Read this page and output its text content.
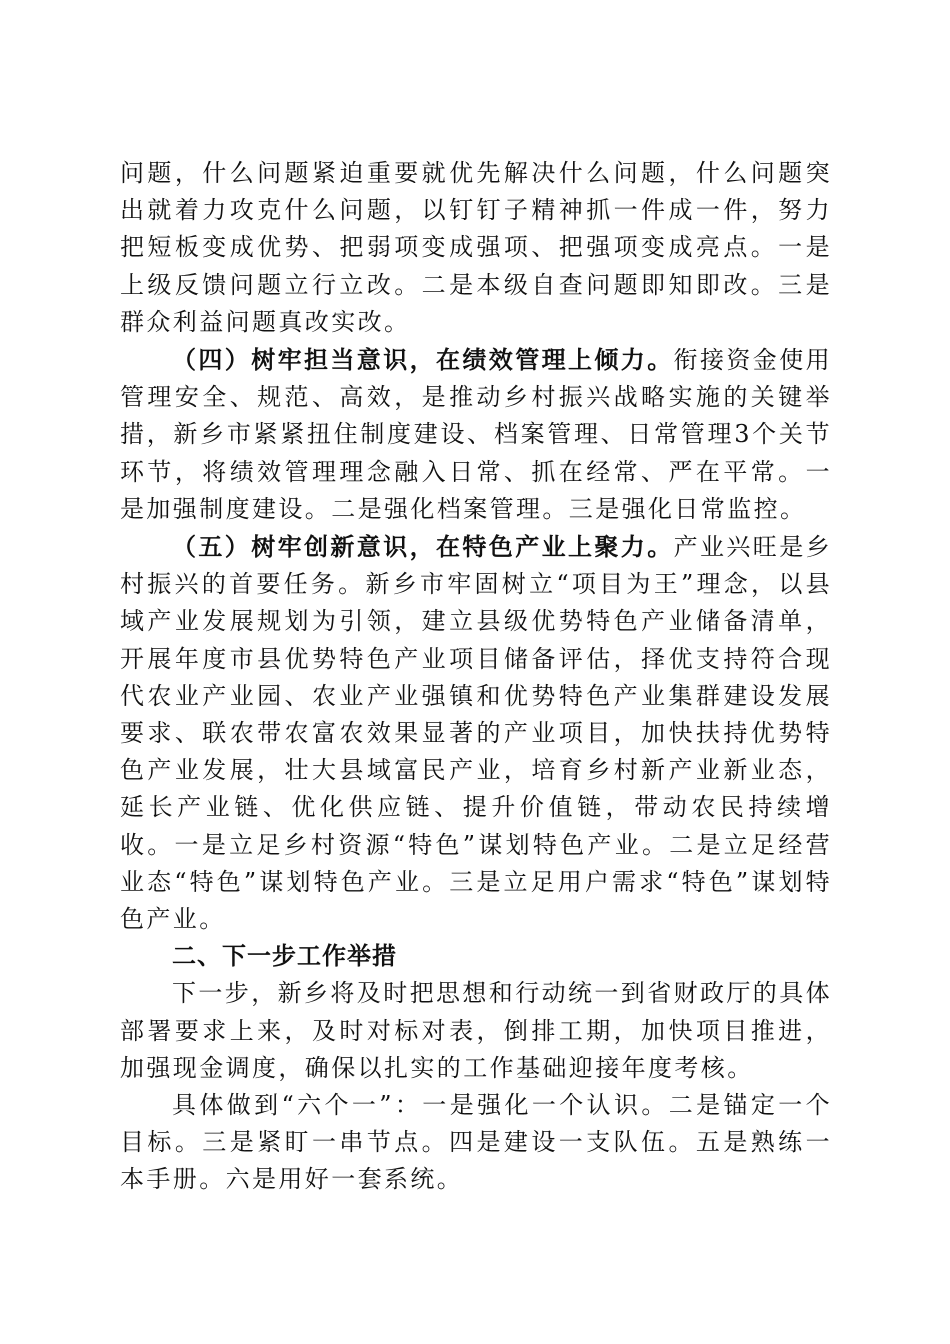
问题，什么问题紧迫重要就优先解决什么问题，什么问题突出就着力攻克什么问题，以钉钉子精神抓一件成一件，努力把短板变成优势、把弱项变成强项、把强项变成亮点。一是上级反馈问题立行立改。二是本级自查问题即知即改。三是群众利益问题真改实改。

（四）树牢担当意识，在绩效管理上倾力。衔接资金使用管理安全、规范、高效，是推动乡村振兴战略实施的关键举措，新乡市紧紧扭住制度建设、档案管理、日常管理3个关节环节，将绩效管理理念融入日常、抓在经常、严在平常。一是加强制度建设。二是强化档案管理。三是强化日常监控。

（五）树牢创新意识，在特色产业上聚力。产业兴旺是乡村振兴的首要任务。新乡市牢固树立“项目为王”理念，以县域产业发展规划为引领，建立县级优势特色产业储备清单，开展年度市县优势特色产业项目储备评估，择优支持符合现代农业产业园、农业产业强镇和优势特色产业集群建设发展要求、联农带农富农效果显著的产业项目，加快扶持优势特色产业发展，壮大县域富民产业，培育乡村新产业新业态，延长产业链、优化供应链、提升价值链，带动农民持续增收。一是立足乡村资源“特色”谋划特色产业。二是立足经营业态“特色”谋划特色产业。三是立足用户需求“特色”谋划特色产业。

二、下一步工作举措

下一步，新乡将及时把思想和行动统一到省财政厅的具体部署要求上来，及时对标对表，倒排工期，加快项目推进，加强现金调度，确保以扎实的工作基础迎接年度考核。

具体做到“六个一”：一是强化一个认识。二是锚定一个目标。三是紧盯一串节点。四是建设一支队伍。五是熟练一本手册。六是用好一套系统。
